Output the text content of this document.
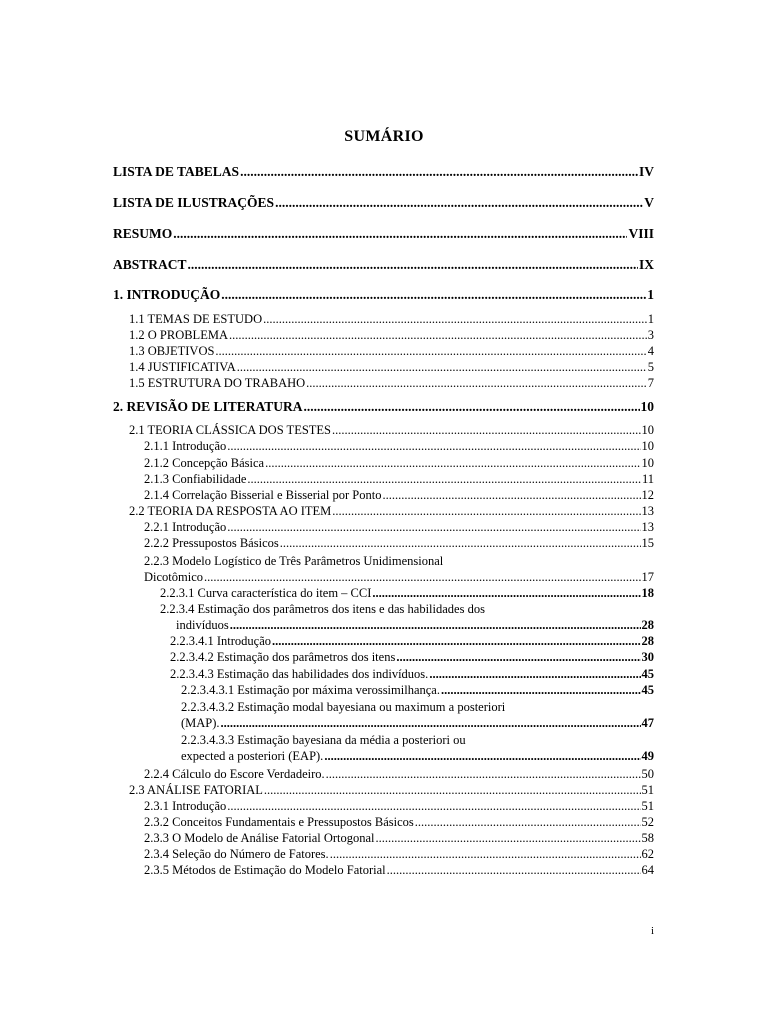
SUMÁRIO
LISTA DE TABELAS .....	IV
LISTA DE ILUSTRAÇÕES .....	V
RESUMO .....	VIII
ABSTRACT .....	IX
1. INTRODUÇÃO .....	1
1.1 TEMAS DE ESTUDO .....	1
1.2 O PROBLEMA .....	3
1.3 OBJETIVOS .....	4
1.4 JUSTIFICATIVA .....	5
1.5 ESTRUTURA DO TRABAHO .....	7
2. REVISÃO DE LITERATURA .....	10
2.1 TEORIA CLÁSSICA DOS TESTES .....	10
2.1.1 Introdução .....	10
2.1.2 Concepção Básica .....	10
2.1.3 Confiabilidade .....	11
2.1.4 Correlação Bisserial e Bisserial por Ponto .....	12
2.2 TEORIA DA RESPOSTA AO ITEM .....	13
2.2.1 Introdução .....	13
2.2.2 Pressupostos Básicos .....	15
2.2.3 Modelo Logístico de Três Parâmetros Unidimensional
Dicotômico .....	17
2.2.3.1 Curva característica do item – CCI .....	18
2.2.3.4 Estimação dos parâmetros dos itens e das habilidades dos
indivíduos .....	28
2.2.3.4.1 Introdução .....	28
2.2.3.4.2 Estimação dos parâmetros dos itens .....	30
2.2.3.4.3 Estimação das habilidades dos indivíduos. .....	45
2.2.3.4.3.1 Estimação por máxima verossimilhança. .....	45
2.2.3.4.3.2 Estimação modal bayesiana ou maximum a posteriori
(MAP). .....	47
2.2.3.4.3.3 Estimação bayesiana da média a posteriori ou
expected a posteriori (EAP). .....	49
2.2.4 Cálculo do Escore Verdadeiro. .....	50
2.3 ANÁLISE FATORIAL .....	51
2.3.1 Introdução .....	51
2.3.2 Conceitos Fundamentais e Pressupostos Básicos .....	52
2.3.3 O Modelo de Análise Fatorial Ortogonal .....	58
2.3.4 Seleção do Número de Fatores. .....	62
2.3.5 Métodos de Estimação do Modelo Fatorial .....	64
i
